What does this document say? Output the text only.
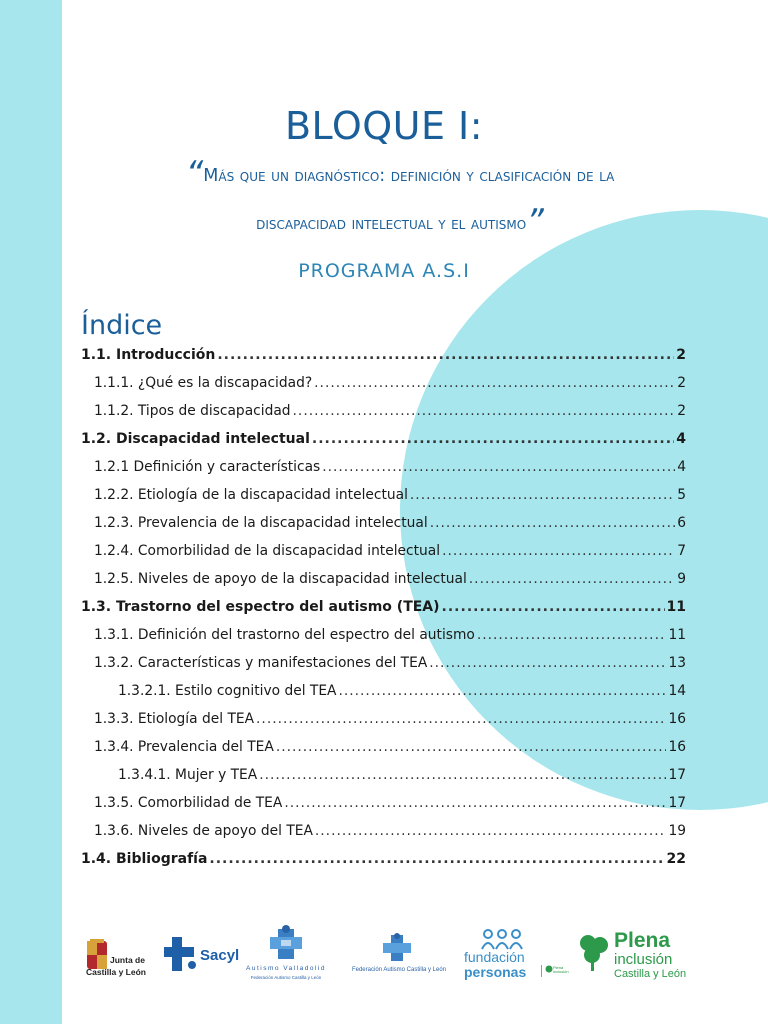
BLOQUE I:
“Más que un diagnóstico: definición y clasificación de la
discapacidad intelectual y el autismo”
PROGRAMA A.S.I
Índice
1.1. Introducción .....	2
1.1.1. ¿Qué es la discapacidad? .....	2
1.1.2. Tipos de discapacidad .....	2
1.2. Discapacidad intelectual .....	4
1.2.1 Definición y características .....	4
1.2.2. Etiología de la discapacidad intelectual .....	5
1.2.3. Prevalencia de la discapacidad intelectual .....	6
1.2.4. Comorbilidad de la discapacidad intelectual .....	7
1.2.5. Niveles de apoyo de la discapacidad intelectual .....	9
1.3. Trastorno del espectro del autismo (TEA) .....	11
1.3.1. Definición del trastorno del espectro del autismo .....	11
1.3.2. Características y manifestaciones del TEA .....	13
1.3.2.1. Estilo cognitivo del TEA .....	14
1.3.3. Etiología del TEA .....	16
1.3.4. Prevalencia del TEA .....	16
1.3.4.1. Mujer y TEA .....	17
1.3.5. Comorbilidad de TEA .....	17
1.3.6. Niveles de apoyo del TEA .....	19
1.4. Bibliografía .....	22
Junta de
Castilla y León
Sacyl
Autismo Valladolid
Federación Autismo Castilla y León
Federación Autismo Castilla y León
fundación
personas	Plena inclusión
Plena
inclusión
Castilla y León
